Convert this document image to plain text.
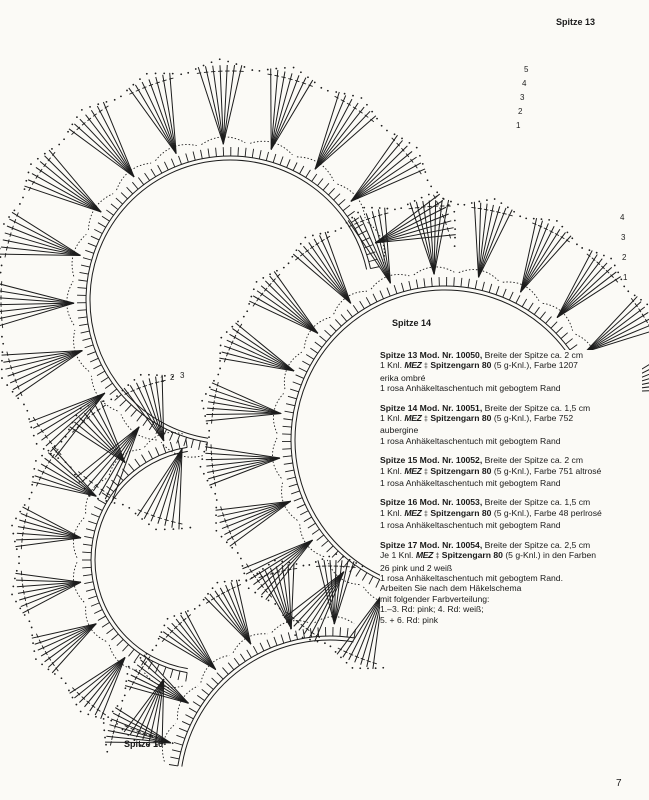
5
4
3
2
1
4
3
2
1
3
2
1
Spitze 13
Spitze 14
Spitze 16
7
Spitze 13 Mod. Nr. 10050, Breite der Spitze ca. 2 cm
1 Knl. MEZ ‡ Spitzengarn 80 (5 g-Knl.), Farbe 1207
erika ombré
1 rosa Anhäkeltaschentuch mit gebogtem Rand
Spitze 14 Mod. Nr. 10051, Breite der Spitze ca. 1,5 cm
1 Knl. MEZ ‡ Spitzengarn 80 (5 g-Knl.), Farbe 752
aubergine
1 rosa Anhäkeltaschentuch mit gebogtem Rand
Spitze 15 Mod. Nr. 10052, Breite der Spitze ca. 2 cm
1 Knl. MEZ ‡ Spitzengarn 80 (5 g-Knl.), Farbe 751 altrosé
1 rosa Anhäkeltaschentuch mit gebogtem Rand
Spitze 16 Mod. Nr. 10053, Breite der Spitze ca. 1,5 cm
1 Knl. MEZ ‡ Spitzengarn 80 (5 g-Knl.), Farbe 48 perlrosé
1 rosa Anhäkeltaschentuch mit gebogtem Rand
Spitze 17 Mod. Nr. 10054, Breite der Spitze ca. 2,5 cm
Je 1 Knl. MEZ ‡ Spitzengarn 80 (5 g-Knl.) in den Farben
26 pink und 2 weiß
1 rosa Anhäkeltaschentuch mit gebogtem Rand.
Arbeiten Sie nach dem Häkelschema
mit folgender Farbverteilung:
1.–3. Rd: pink; 4. Rd: weiß;
5. + 6. Rd: pink
